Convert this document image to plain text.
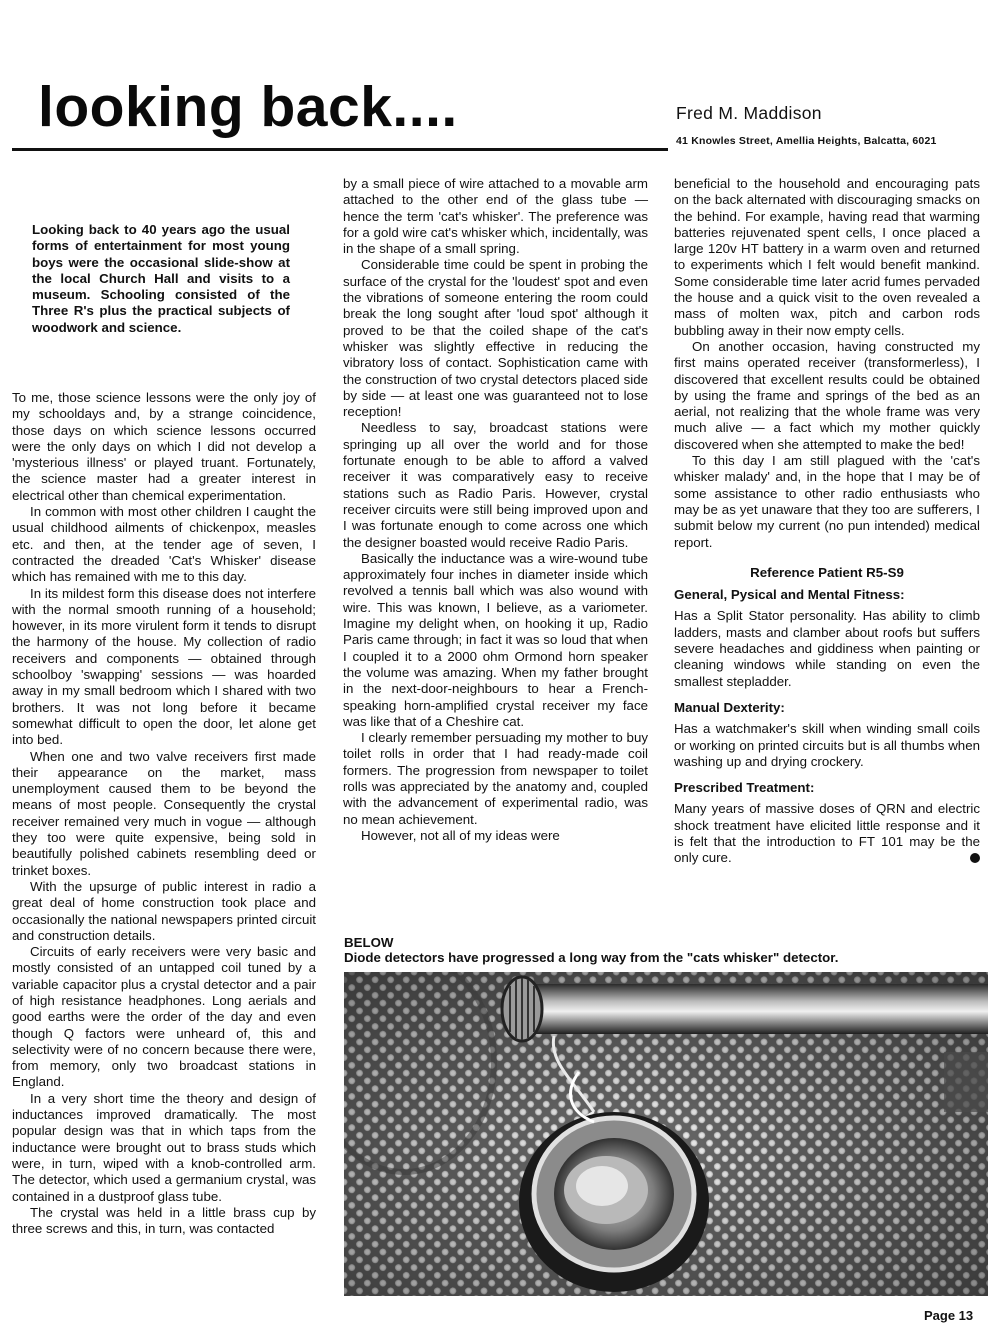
looking back....	Fred M. Maddison
41 Knowles Street, Amellia Heights, Balcatta, 6021

Looking back to 40 years ago the usual forms of entertainment for most young boys were the occasional slide-show at the local Church Hall and visits to a museum. Schooling consisted of the Three R's plus the practical subjects of woodwork and science.

To me, those science lessons were the only joy of my schooldays and, by a strange coincidence, those days on which science lessons occurred were the only days on which I did not develop a 'mysterious illness' or played truant. Fortunately, the science master had a greater interest in electrical other than chemical experimentation.

In common with most other children I caught the usual childhood ailments of chickenpox, measles etc. and then, at the tender age of seven, I contracted the dreaded 'Cat's Whisker' disease which has remained with me to this day.

In its mildest form this disease does not interfere with the normal smooth running of a household; however, in its more virulent form it tends to disrupt the harmony of the house. My collection of radio receivers and components — obtained through schoolboy 'swapping' sessions — was hoarded away in my small bedroom which I shared with two brothers. It was not long before it became somewhat difficult to open the door, let alone get into bed.

When one and two valve receivers first made their appearance on the market, mass unemployment caused them to be beyond the means of most people. Consequently the crystal receiver remained very much in vogue — although they too were quite expensive, being sold in beautifully polished cabinets resembling deed or trinket boxes.

With the upsurge of public interest in radio a great deal of home construction took place and occasionally the national newspapers printed circuit and construction details.

Circuits of early receivers were very basic and mostly consisted of an untapped coil tuned by a variable capacitor plus a crystal detector and a pair of high resistance headphones. Long aerials and good earths were the order of the day and even though Q factors were unheard of, this and selectivity were of no concern because there were, from memory, only two broadcast stations in England.

In a very short time the theory and design of inductances improved dramatically. The most popular design was that in which taps from the inductance were brought out to brass studs which were, in turn, wiped with a knob-controlled arm. The detector, which used a germanium crystal, was contained in a dustproof glass tube.

The crystal was held in a little brass cup by three screws and this, in turn, was contacted

by a small piece of wire attached to a movable arm attached to the other end of the glass tube — hence the term 'cat's whisker'. The preference was for a gold wire cat's whisker which, incidentally, was in the shape of a small spring.

Considerable time could be spent in probing the surface of the crystal for the 'loudest' spot and even the vibrations of someone entering the room could break the long sought after 'loud spot' although it proved to be that the coiled shape of the cat's whisker was slightly effective in reducing the vibratory loss of contact. Sophistication came with the construction of two crystal detectors placed side by side — at least one was guaranteed not to lose reception!

Needless to say, broadcast stations were springing up all over the world and for those fortunate enough to be able to afford a valved receiver it was comparatively easy to receive stations such as Radio Paris. However, crystal receiver circuits were still being improved upon and I was fortunate enough to come across one which the designer boasted would receive Radio Paris.

Basically the inductance was a wire-wound tube approximately four inches in diameter inside which revolved a tennis ball which was also wound with wire. This was known, I believe, as a variometer. Imagine my delight when, on hooking it up, Radio Paris came through; in fact it was so loud that when I coupled it to a 2000 ohm Ormond horn speaker the volume was amazing. When my father brought in the next-door-neighbours to hear a French-speaking horn-amplified crystal receiver my face was like that of a Cheshire cat.

I clearly remember persuading my mother to buy toilet rolls in order that I had ready-made coil formers. The progression from newspaper to toilet rolls was appreciated by the anatomy and, coupled with the advancement of experimental radio, was no mean achievement.

However, not all of my ideas were

beneficial to the household and encouraging pats on the back alternated with discouraging smacks on the behind. For example, having read that warming batteries rejuvenated spent cells, I once placed a large 120v HT battery in a warm oven and returned to experiments which I felt would benefit mankind. Some considerable time later acrid fumes pervaded the house and a quick visit to the oven revealed a mass of molten wax, pitch and carbon rods bubbling away in their now empty cells.

On another occasion, having constructed my first mains operated receiver (transformerless), I discovered that excellent results could be obtained by using the frame and springs of the bed as an aerial, not realizing that the whole frame was very much alive — a fact which my mother quickly discovered when she attempted to make the bed!

To this day I am still plagued with the 'cat's whisker malady' and, in the hope that I may be of some assistance to other radio enthusiasts who may be as yet unaware that they too are sufferers, I submit below my current (no pun intended) medical report.

Reference Patient R5-S9

General, Pysical and Mental Fitness:

Has a Split Stator personality. Has ability to climb ladders, masts and clamber about roofs but suffers severe headaches and giddiness when painting or cleaning windows while standing on even the smallest stepladder.

Manual Dexterity:

Has a watchmaker's skill when winding small coils or working on printed circuits but is all thumbs when washing up and drying crockery.

Prescribed Treatment:

Many years of massive doses of QRN and electric shock treatment have elicited little response and it is felt that the introduction to FT 101 may be the only cure.

BELOW
Diode detectors have progressed a long way from the "cats whisker" detector.
Page 13
